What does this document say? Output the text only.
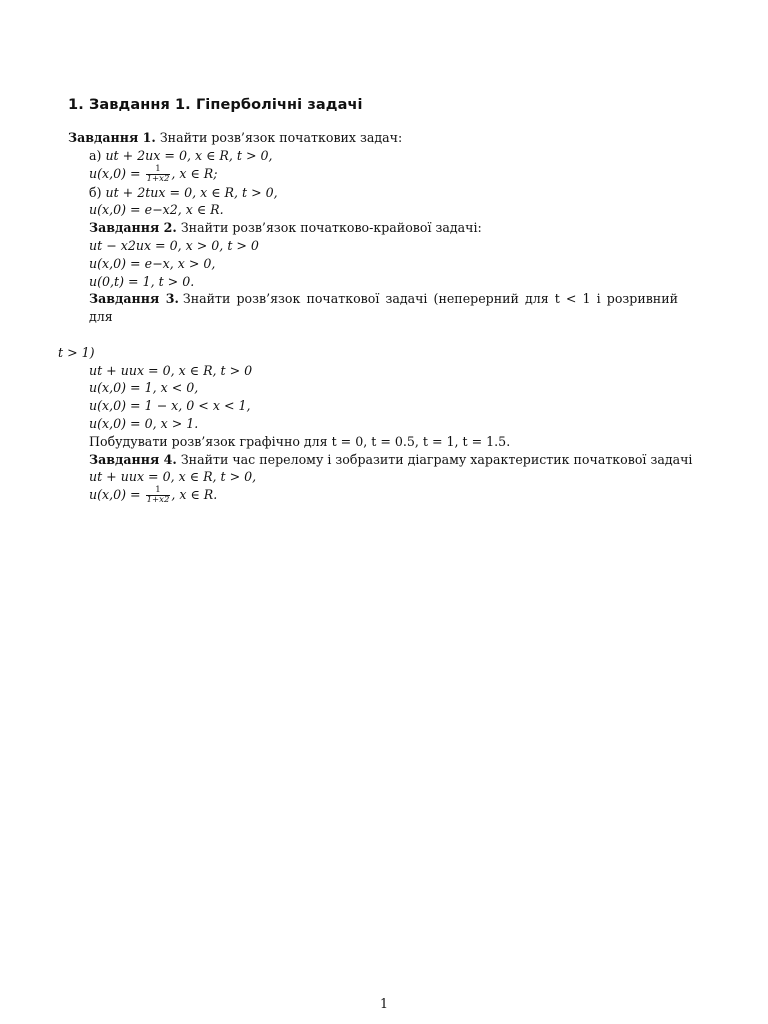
1. Завдання 1. Гіперболічні задачі
Завдання 1. Знайти розв’язок початкових задач:
а) ut + 2ux = 0, x ∈ R, t > 0,
$u(x,0) = \frac{1}{1+x2}$ , x ∈ R;
б) ut + 2tux = 0, x ∈ R, t > 0,
u(x,0) = e−x2, x ∈ R.
Завдання 2. Знайти розв’язок початково-крайової задачі:
ut − x2ux = 0, x > 0, t > 0
u(x,0) = e−x, x > 0,
u(0,t) = 1, t > 0.
Завдання 3. Знайти розв’язок початкової задачі (неперерний для t < 1 і розривний для
t > 1)
ut + uux = 0, x ∈ R, t > 0
u(x,0) = 1, x < 0,
u(x,0) = 1 − x, 0 < x < 1,
u(x,0) = 0, x > 1.
Побудувати розв’язок графічно для t = 0, t = 0.5, t = 1, t = 1.5.
Завдання 4. Знайти час перелому і зобразити діаграму характеристик початкової задачі
ut + uux = 0, x ∈ R, t > 0,
$u(x,0) = \frac{1}{1+x2}$ , x ∈ R.
1
